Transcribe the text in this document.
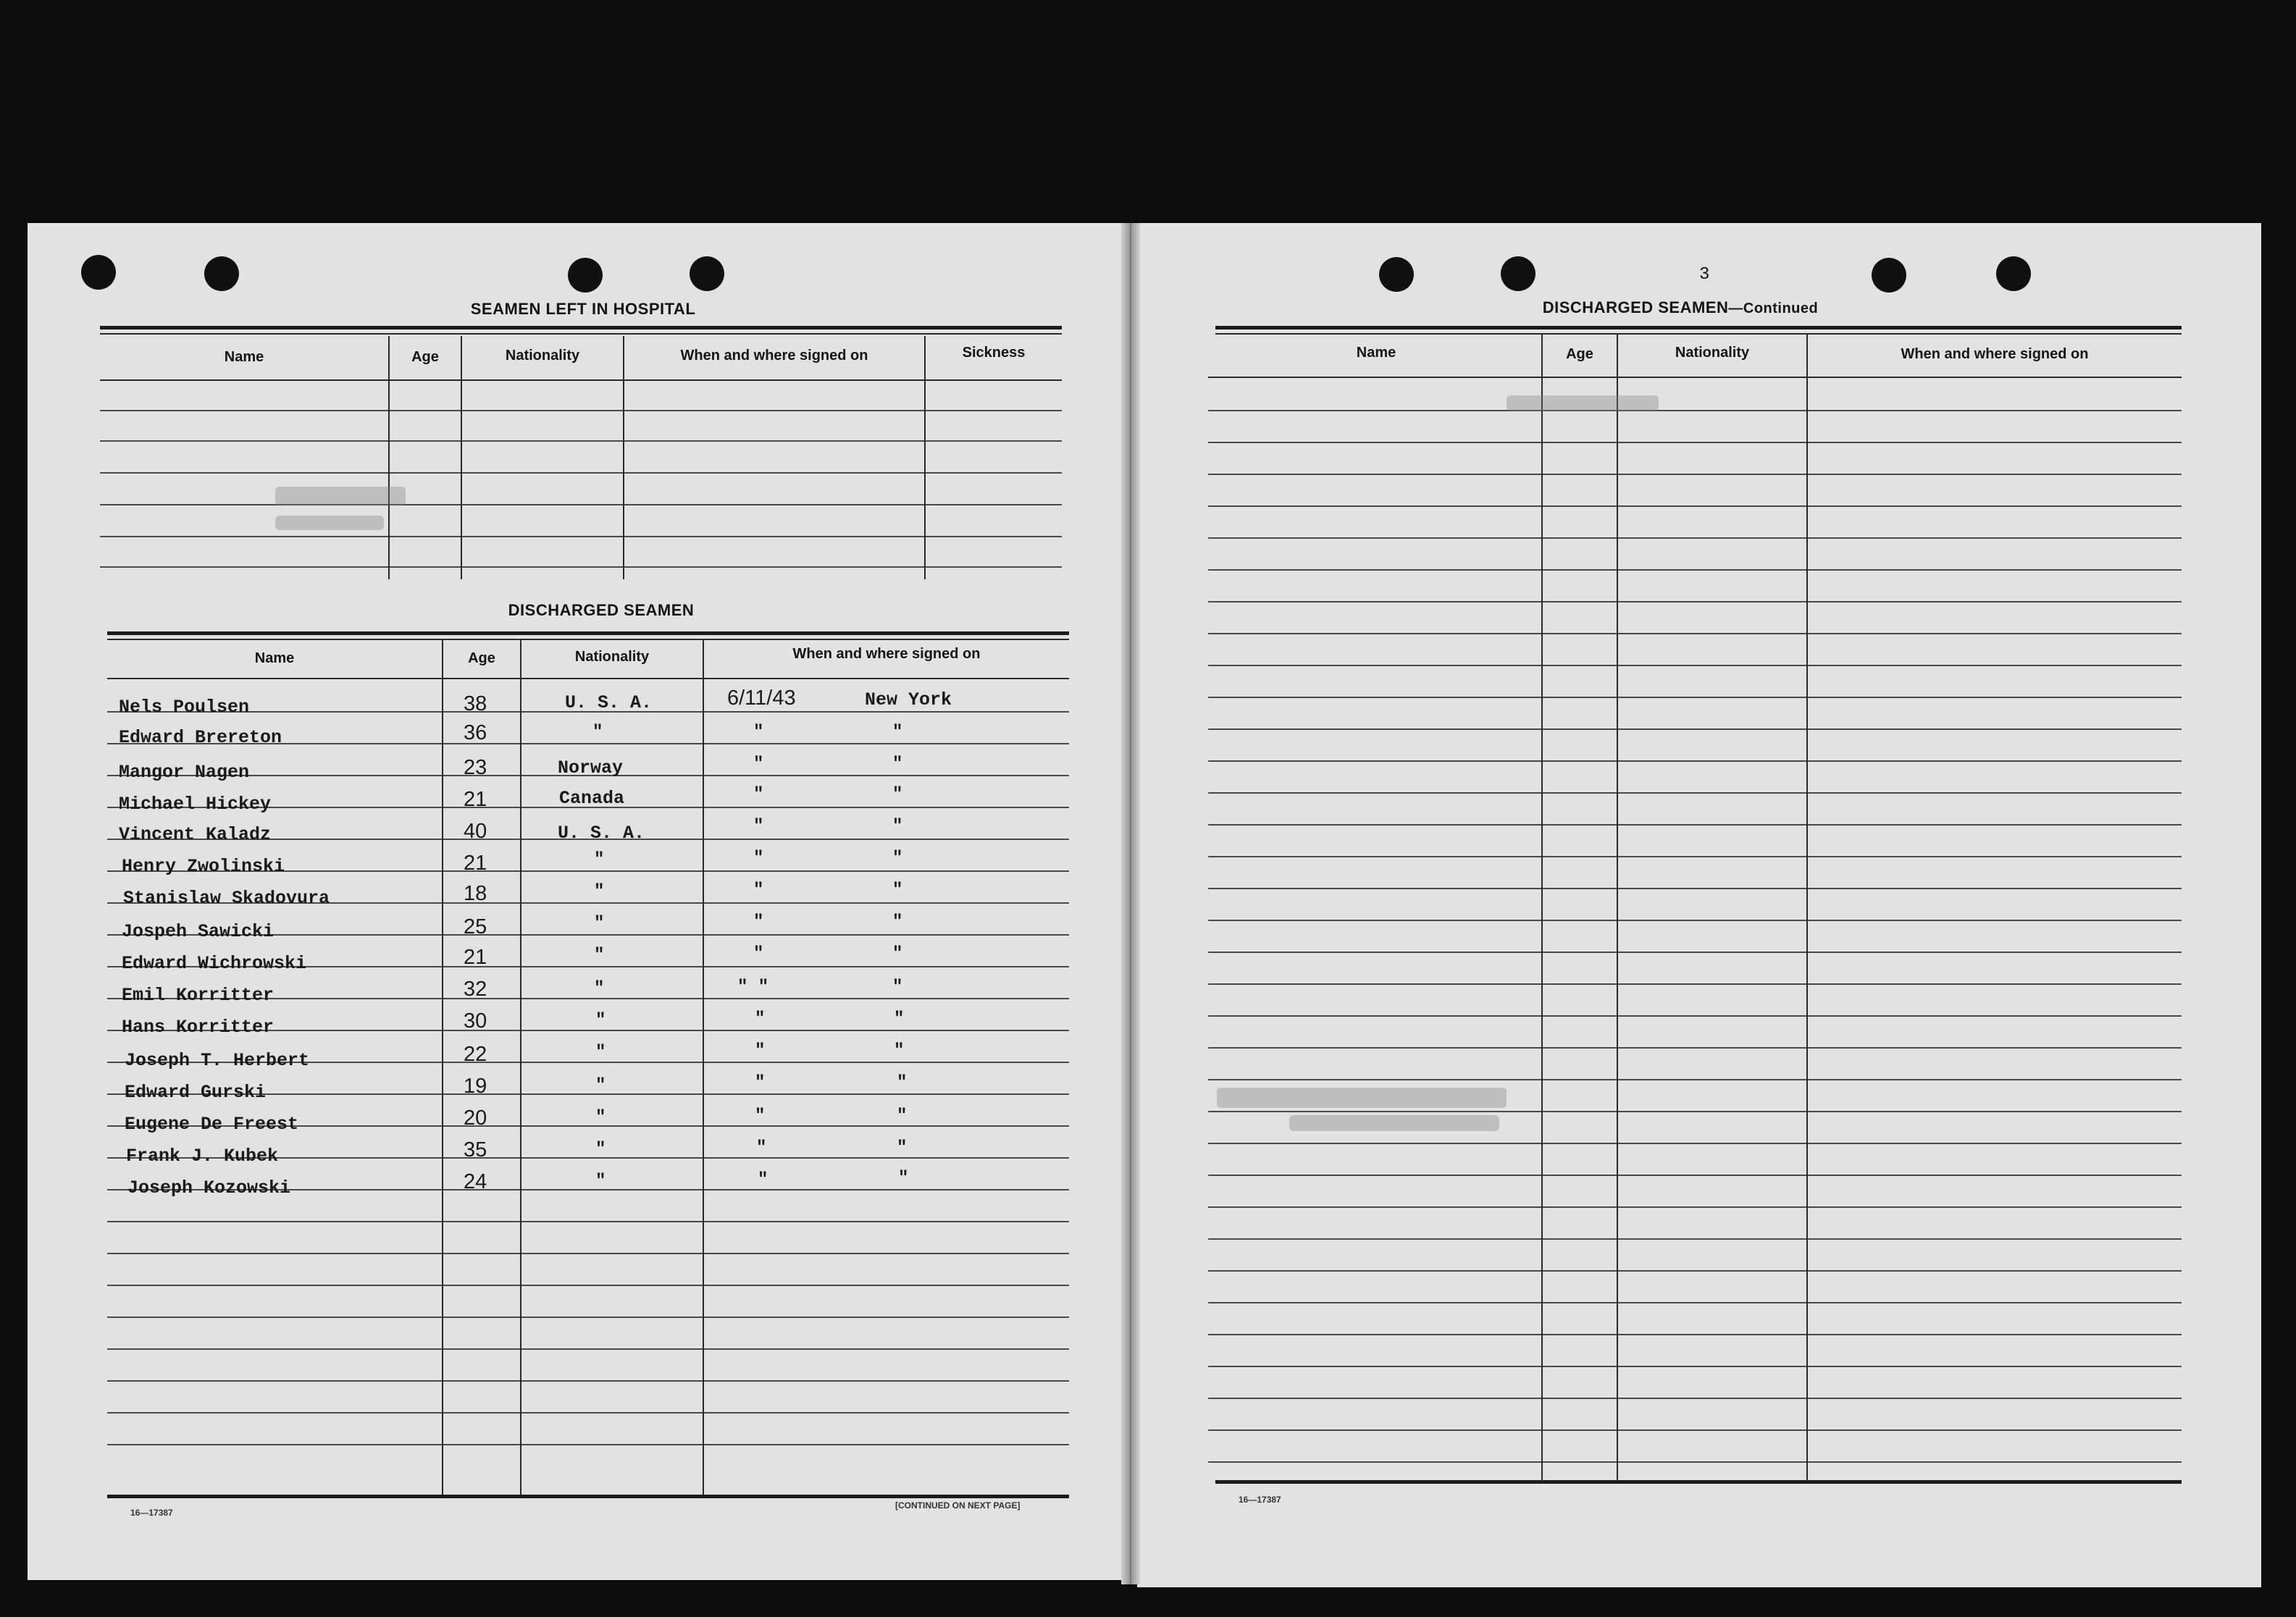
SEAMEN LEFT IN HOSPITAL
Name	Age	Nationality	When and where signed on	Sickness
DISCHARGED SEAMEN
Name	Age	Nationality	When and where signed on
Nels Poulsen	38	U. S. A.	6/11/43	New York
Edward Brereton	36	"	"	"
Mangor Nagen	23	Norway	"	"
Michael Hickey	21	Canada	"	"
Vincent Kaladz	40	U. S. A.	"	"
Henry Zwolinski	21	"	"	"
Stanislaw Skadovura	18	"	"	"
Jospeh Sawicki	25	"	"	"
Edward Wichrowski	21	"	"	"
Emil Korritter	32	"	" "	"
Hans Korritter	30	"	"	"
Joseph T. Herbert	22	"	"	"
Edward Gurski	19	"	"	"
Eugene De Freest	20	"	"	"
Frank J. Kubek	35	"	"	"
Joseph Kozowski	24	"	"	"
16—17387
[CONTINUED ON NEXT PAGE]
3
DISCHARGED SEAMEN—Continued
Name	Age	Nationality	When and where signed on
16—17387
